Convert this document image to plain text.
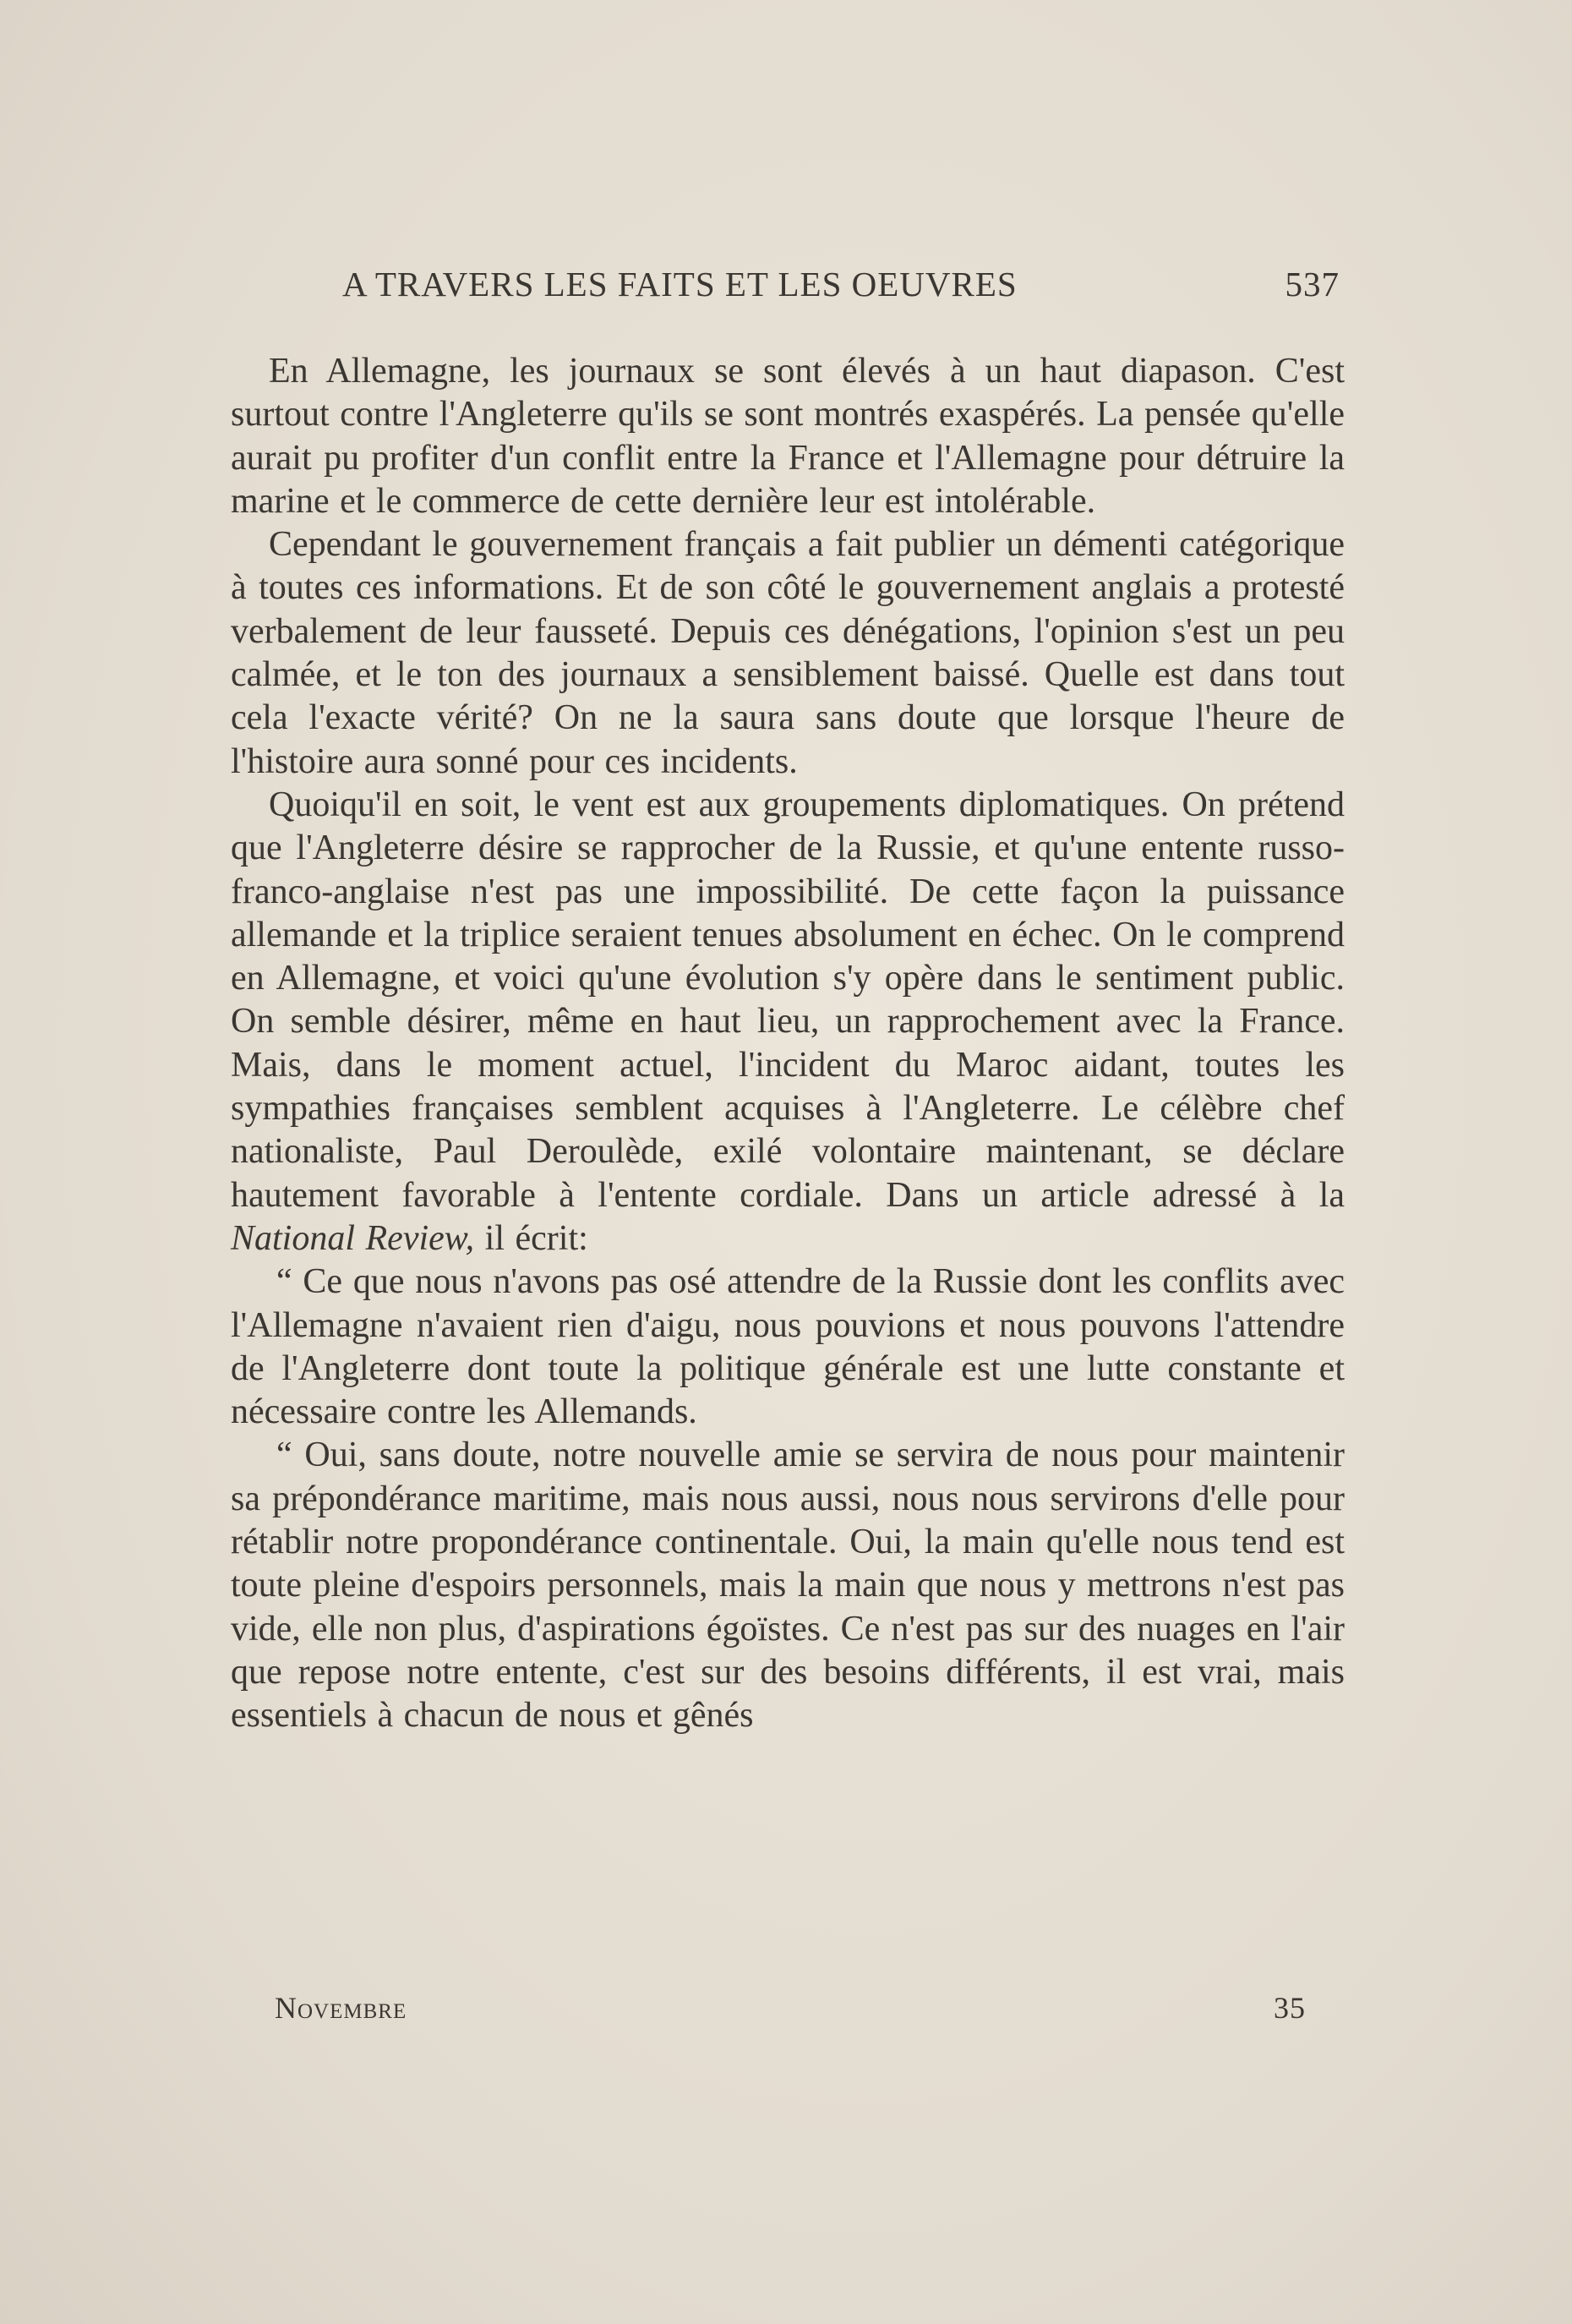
A TRAVERS LES FAITS ET LES OEUVRES	537

En Allemagne, les journaux se sont élevés à un haut diapason. C'est surtout contre l'Angleterre qu'ils se sont montrés exaspérés. La pensée qu'elle aurait pu profiter d'un conflit entre la France et l'Allemagne pour détruire la marine et le commerce de cette dernière leur est intolérable.

Cependant le gouvernement français a fait publier un démenti catégorique à toutes ces informations. Et de son côté le gouvernement anglais a protesté verbalement de leur fausseté. Depuis ces dénégations, l'opinion s'est un peu calmée, et le ton des journaux a sensiblement baissé. Quelle est dans tout cela l'exacte vérité? On ne la saura sans doute que lorsque l'heure de l'histoire aura sonné pour ces incidents.

Quoiqu'il en soit, le vent est aux groupements diplomatiques. On prétend que l'Angleterre désire se rapprocher de la Russie, et qu'une entente russo-franco-anglaise n'est pas une impossibilité. De cette façon la puissance allemande et la triplice seraient tenues absolument en échec. On le comprend en Allemagne, et voici qu'une évolution s'y opère dans le sentiment public. On semble désirer, même en haut lieu, un rapprochement avec la France. Mais, dans le moment actuel, l'incident du Maroc aidant, toutes les sympathies françaises semblent acquises à l'Angleterre. Le célèbre chef nationaliste, Paul Deroulède, exilé volontaire maintenant, se déclare hautement favorable à l'entente cordiale. Dans un article adressé à la National Review, il écrit:

“ Ce que nous n'avons pas osé attendre de la Russie dont les conflits avec l'Allemagne n'avaient rien d'aigu, nous pouvions et nous pouvons l'attendre de l'Angleterre dont toute la politique générale est une lutte constante et nécessaire contre les Allemands.

“ Oui, sans doute, notre nouvelle amie se servira de nous pour maintenir sa prépondérance maritime, mais nous aussi, nous nous servirons d'elle pour rétablir notre propondérance continentale. Oui, la main qu'elle nous tend est toute pleine d'espoirs personnels, mais la main que nous y mettrons n'est pas vide, elle non plus, d'aspirations égoïstes. Ce n'est pas sur des nuages en l'air que repose notre entente, c'est sur des besoins différents, il est vrai, mais essentiels à chacun de nous et gênés

Novembre	35
